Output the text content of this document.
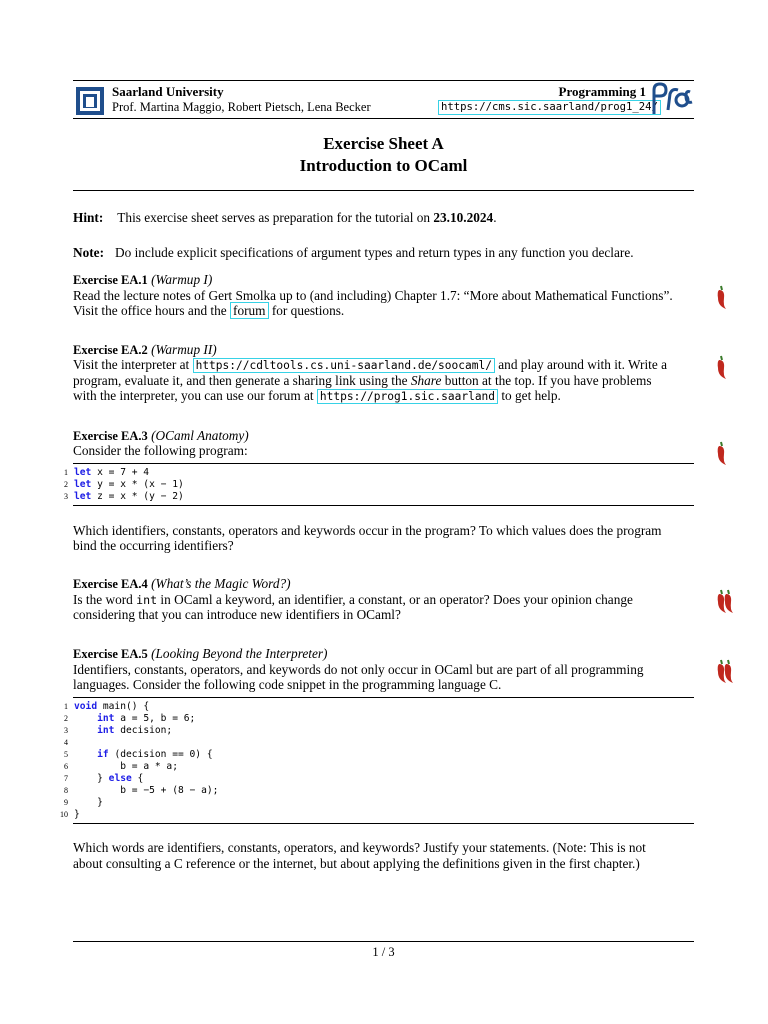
Saarland University
Prof. Martina Maggio, Robert Pietsch, Lena Becker
Programming 1
https://cms.sic.saarland/prog1_24/
Exercise Sheet A
Introduction to OCaml
Hint: This exercise sheet serves as preparation for the tutorial on 23.10.2024.
Note: Do include explicit specifications of argument types and return types in any function you declare.
Exercise EA.1 (Warmup I)
Read the lecture notes of Gert Smolka up to (and including) Chapter 1.7: “More about Mathematical Functions”.
Visit the office hours and the forum for questions.
Exercise EA.2 (Warmup II)
Visit the interpreter at https://cdltools.cs.uni-saarland.de/soocaml/ and play around with it. Write a
program, evaluate it, and then generate a sharing link using the Share button at the top. If you have problems
with the interpreter, you can use our forum at https://prog1.sic.saarland to get help.
Exercise EA.3 (OCaml Anatomy)
Consider the following program:
1 let x = 7 + 4
2 let y = x * (x − 1)
3 let z = x * (y − 2)
Which identifiers, constants, operators and keywords occur in the program? To which values does the program
bind the occurring identifiers?
Exercise EA.4 (What’s the Magic Word?)
Is the word int in OCaml a keyword, an identifier, a constant, or an operator? Does your opinion change
considering that you can introduce new identifiers in OCaml?
Exercise EA.5 (Looking Beyond the Interpreter)
Identifiers, constants, operators, and keywords do not only occur in OCaml but are part of all programming
languages. Consider the following code snippet in the programming language C.
1 void main() {
2	int a = 5, b = 6;
3	int decision;
4
5	if (decision == 0) {
6	b = a * a;
7	} else {
8	b = −5 + (8 − a);
9	}
10 }
Which words are identifiers, constants, operators, and keywords? Justify your statements. (Note: This is not
about consulting a C reference or the internet, but about applying the definitions given in the first chapter.)
1 / 3
